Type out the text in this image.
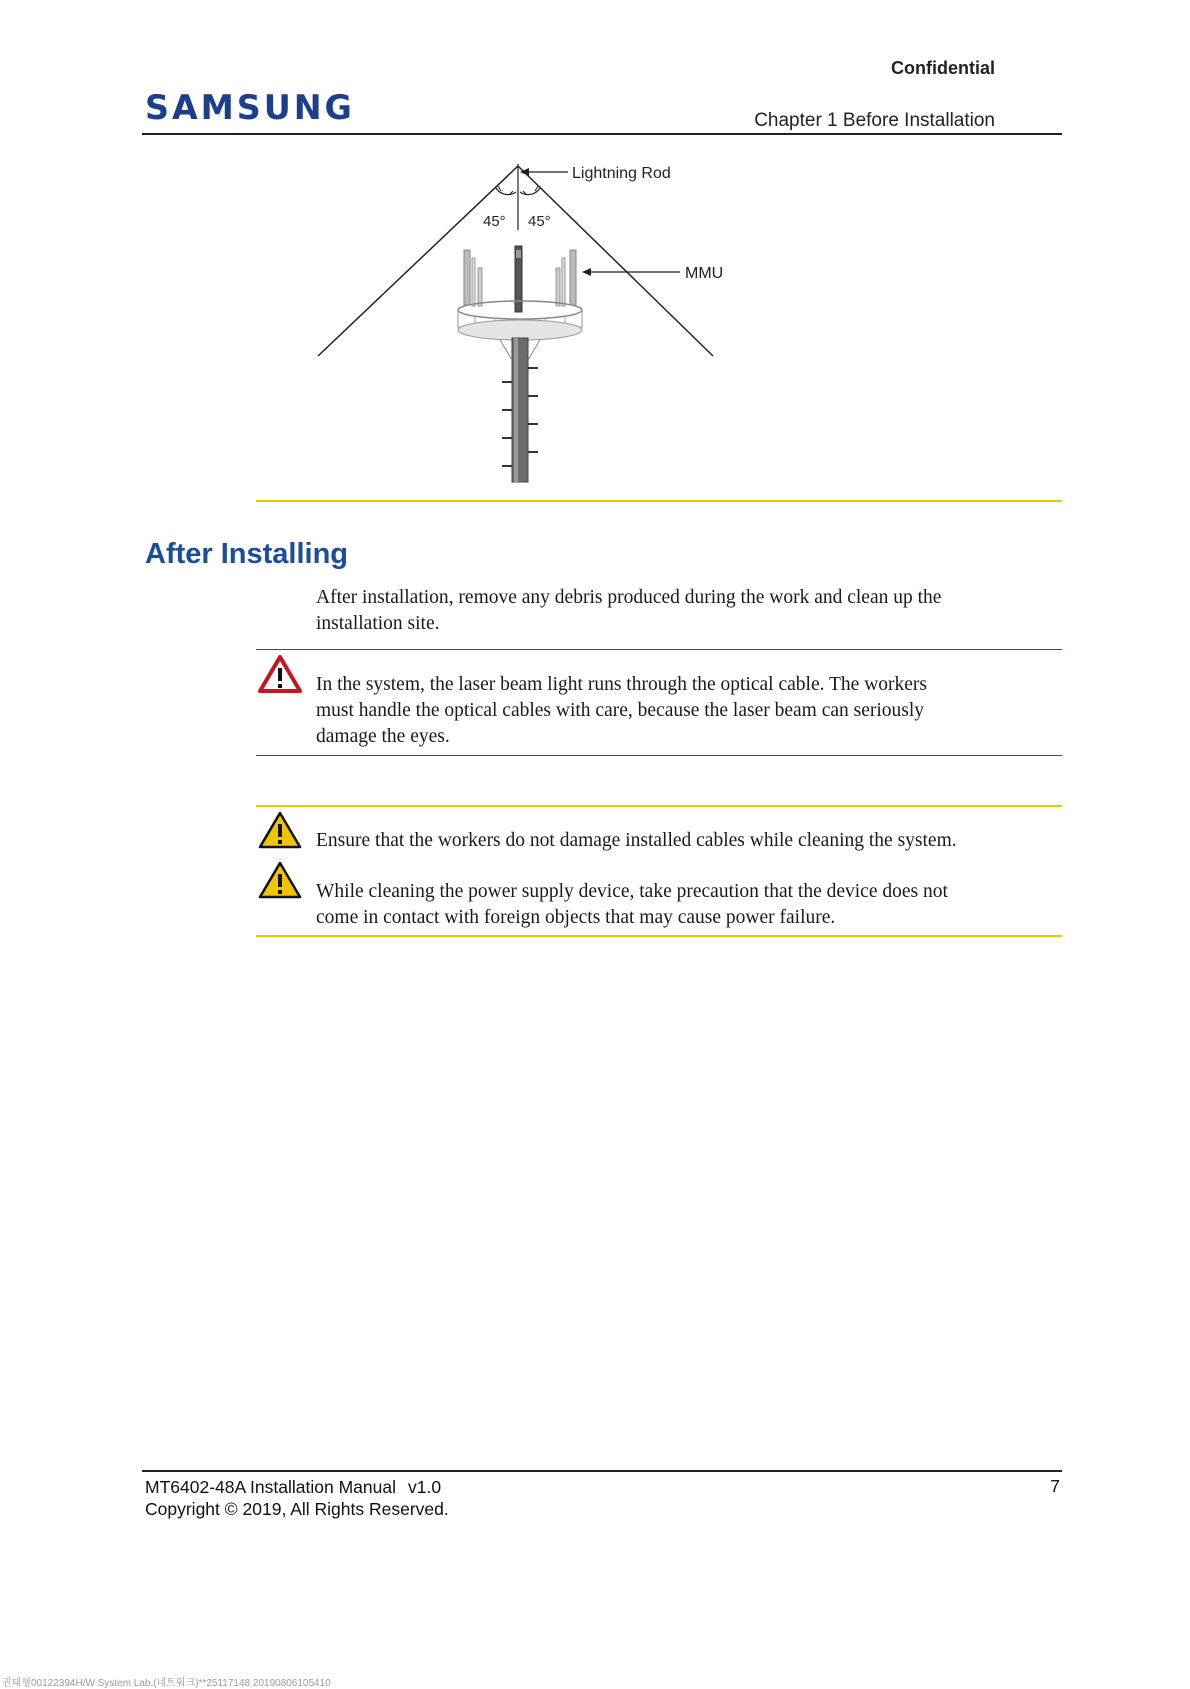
Confidential
SAMSUNG	Chapter 1 Before Installation
45° 45°
Lightning Rod
MMU
After Installing
After installation, remove any debris produced during the work and clean up the
installation site.
In the system, the laser beam light runs through the optical cable. The workers
must handle the optical cables with care, because the laser beam can seriously
damage the eyes.
Ensure that the workers do not damage installed cables while cleaning the system.
While cleaning the power supply device, take precaution that the device does not
come in contact with foreign objects that may cause power failure.
MT6402-48A Installation Manual v1.0
Copyright © 2019, All Rights Reserved.
7
권태형00122394H/W System Lab.(네트워크)**25117148 20190806105410
